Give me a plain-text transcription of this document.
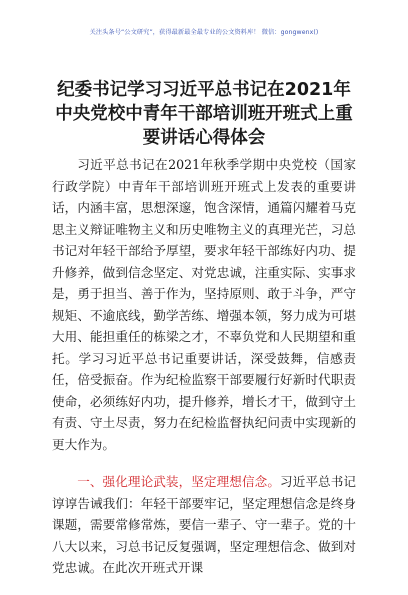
关注头条号“公文研究”，获得最新最全最专业的公文资料库！ 微信：gongwenx()
纪委书记学习习近平总书记在2021年中央党校中青年干部培训班开班式上重要讲话心得体会

习近平总书记在2021年秋季学期中央党校（国家行政学院）中青年干部培训班开班式上发表的重要讲话，内涵丰富，思想深邃，饱含深情，通篇闪耀着马克思主义辩证唯物主义和历史唯物主义的真理光芒，习总书记对年轻干部给予厚望，要求年轻干部练好内功、提升修养，做到信念坚定、对党忠诚，注重实际、实事求是，勇于担当、善于作为，坚持原则、敢于斗争，严守规矩、不逾底线，勤学苦练、增强本领，努力成为可堪大用、能担重任的栋梁之才，不辜负党和人民期望和重托。学习习近平总书记重要讲话，深受鼓舞，信感责任，倍受振奋。作为纪检监察干部要履行好新时代职责使命，必须练好内功，提升修养，增长才干，做到守土有责、守土尽责，努力在纪检监督执纪问责中实现新的更大作为。

一、强化理论武装，坚定理想信念。习近平总书记谆谆告诫我们：年轻干部要牢记，坚定理想信念是终身课题，需要常修常炼，要信一辈子、守一辈子。党的十八大以来，习总书记反复强调，坚定理想信念、做到对党忠诚。在此次开班式开课
